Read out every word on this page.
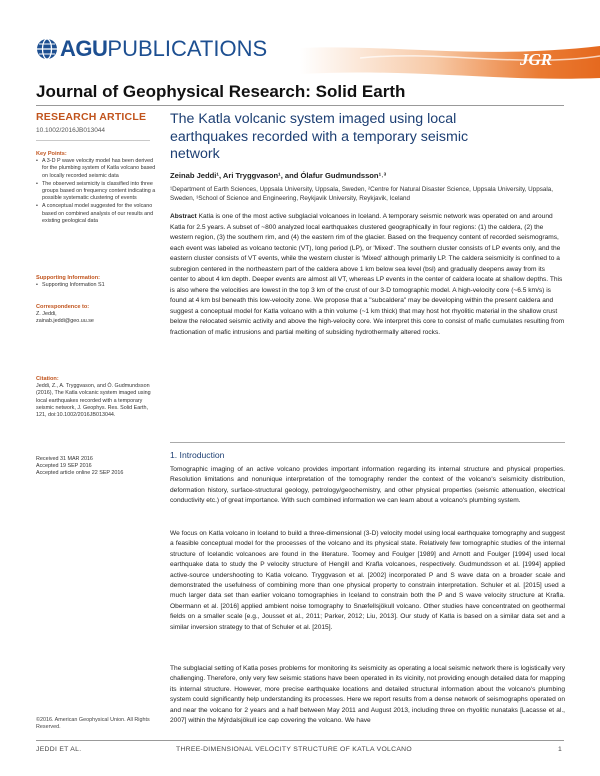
AGU PUBLICATIONS	JGR
Journal of Geophysical Research: Solid Earth
RESEARCH ARTICLE
10.1002/2016JB013044
Key Points:
• A 3-D P wave velocity model has been derived for the plumbing system of Katla volcano based on locally recorded seismic data
• The observed seismicity is classified into three groups based on frequency content indicating a possible systematic clustering of events
• A conceptual model suggested for the volcano based on combined analysis of our results and existing geological data
Supporting Information:
• Supporting Information S1
Correspondence to:
Z. Jeddi,
zainab.jeddi@geo.uu.se
Citation:
Jeddi, Z., A. Tryggvason, and Ó. Gudmundsson (2016), The Katla volcanic system imaged using local earthquakes recorded with a temporary seismic network, J. Geophys. Res. Solid Earth, 121, doi:10.1002/2016JB013044.
Received 31 MAR 2016
Accepted 19 SEP 2016
Accepted article online 22 SEP 2016
©2016. American Geophysical Union. All Rights Reserved.
The Katla volcanic system imaged using local earthquakes recorded with a temporary seismic network
Zeinab Jeddi¹, Ari Tryggvason¹, and Ólafur Gudmundsson¹˒³
¹Department of Earth Sciences, Uppsala University, Uppsala, Sweden, ²Centre for Natural Disaster Science, Uppsala University, Uppsala, Sweden, ³School of Science and Engineering, Reykjavik University, Reykjavik, Iceland
Abstract Katla is one of the most active subglacial volcanoes in Iceland. A temporary seismic network was operated on and around Katla for 2.5 years. A subset of ~800 analyzed local earthquakes clustered geographically in four regions: (1) the caldera, (2) the western region, (3) the southern rim, and (4) the eastern rim of the glacier. Based on the frequency content of recorded seismograms, each event was labeled as volcano tectonic (VT), long period (LP), or 'Mixed'. The southern cluster consists of LP events only, and the eastern cluster consists of VT events, while the western cluster is 'Mixed' although primarily LP. The caldera seismicity is confined to a subregion centered in the northeastern part of the caldera above 1 km below sea level (bsl) and gradually deepens away from its center to about 4 km depth. Deeper events are almost all VT, whereas LP events in the center of caldera locate at shallow depths. This is also where the velocities are lowest in the top 3 km of the crust of our 3-D tomographic model. A high-velocity core (~6.5 km/s) is found at 4 km bsl beneath this low-velocity zone. We propose that a "subcaldera" may be developing within the present caldera and suggest a conceptual model for Katla volcano with a thin volume (~1 km thick) that may host hot rhyolitic material in the shallow crust below the relocated seismic activity and above the high-velocity core. We interpret this core to consist of mafic cumulates resulting from fractionation of mafic intrusions and partial melting of subsiding hydrothermally altered rocks.
1. Introduction

Tomographic imaging of an active volcano provides important information regarding its internal structure and physical properties. Resolution limitations and nonunique interpretation of the tomography render the context of the volcano's seismicity distribution, deformation history, surface-structural geology, petrology/geochemistry, and other physical properties (seismic attenuation, electrical conductivity etc.) of great importance. With such combined information we can learn about a volcano's plumbing system.

We focus on Katla volcano in Iceland to build a three-dimensional (3-D) velocity model using local earthquake tomography and suggest a feasible conceptual model for the processes of the volcano and its physical state. Relatively few tomographic studies of the internal structure of Icelandic volcanoes are found in the literature. Toomey and Foulger [1989] and Arnott and Foulger [1994] used local earthquake data to study the P velocity structure of Hengill and Krafla volcanoes, respectively. Gudmundsson et al. [1994] applied active-source undershooting to Katla volcano. Tryggvason et al. [2002] incorporated P and S wave data on a broader scale and demonstrated the usefulness of combining more than one physical property to constrain interpretation. Schuler et al. [2015] used a much larger data set than earlier volcano tomographies in Iceland to constrain both the P and S wave velocity structure at Krafla. Obermann et al. [2016] applied ambient noise tomography to Snæfellsjökull volcano. Other studies have concentrated on geothermal fields on a smaller scale [e.g., Jousset et al., 2011; Parker, 2012; Liu, 2013]. Our study of Katla is based on a similar data set and a similar inversion strategy to that of Schuler et al. [2015].

The subglacial setting of Katla poses problems for monitoring its seismicity as operating a local seismic network there is logistically very challenging. Therefore, only very few seismic stations have been operated in its vicinity, not providing enough detailed data for mapping its internal structure. However, more precise earthquake locations and detailed structural information about the volcano's plumbing system could significantly help understanding its processes. Here we report results from a dense network of seismographs operated on and near the volcano for 2 years and a half between May 2011 and August 2013, including three on rhyolitic nunataks [Lacasse et al., 2007] within the Mýrdalsjökull ice cap covering the volcano. We have

JEDDI ET AL.	THREE-DIMENSIONAL VELOCITY STRUCTURE OF KATLA VOLCANO	1
